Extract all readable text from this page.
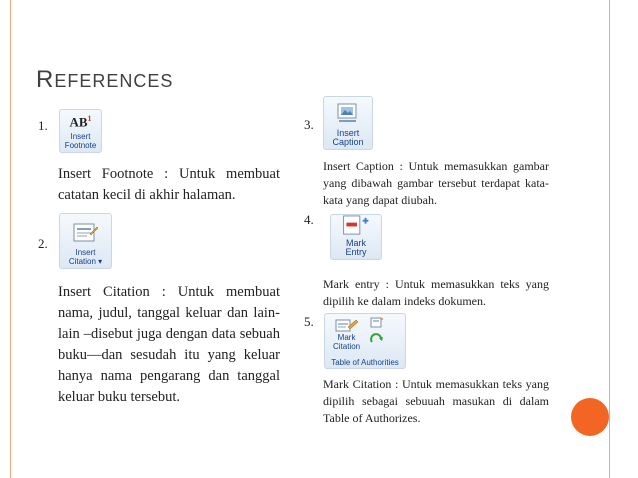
REFERENCES
1. $AB^1$
Insert
Footnote
Insert Footnote : Untuk membuat catatan kecil di akhir halaman.
2.
Insert
Citation ▾
Insert Citation : Untuk membuat nama, judul, tanggal keluar dan lain-lain –disebut juga dengan data sebuah buku—dan sesudah itu yang keluar hanya nama pengarang dan tanggal keluar buku tersebut.
3.
Insert
Caption
Insert Caption : Untuk memasukkan gambar yang dibawah gambar tersebut terdapat kata-kata yang dapat diubah.
4.
Mark
Entry
Mark entry : Untuk memasukkan teks yang dipilih ke dalam indeks dokumen.
5.
Mark
Citation
Table of Authorities
Mark Citation : Untuk memasukkan teks yang dipilih sebagai sebuuah masukan di dalam Table of Authorizes.
